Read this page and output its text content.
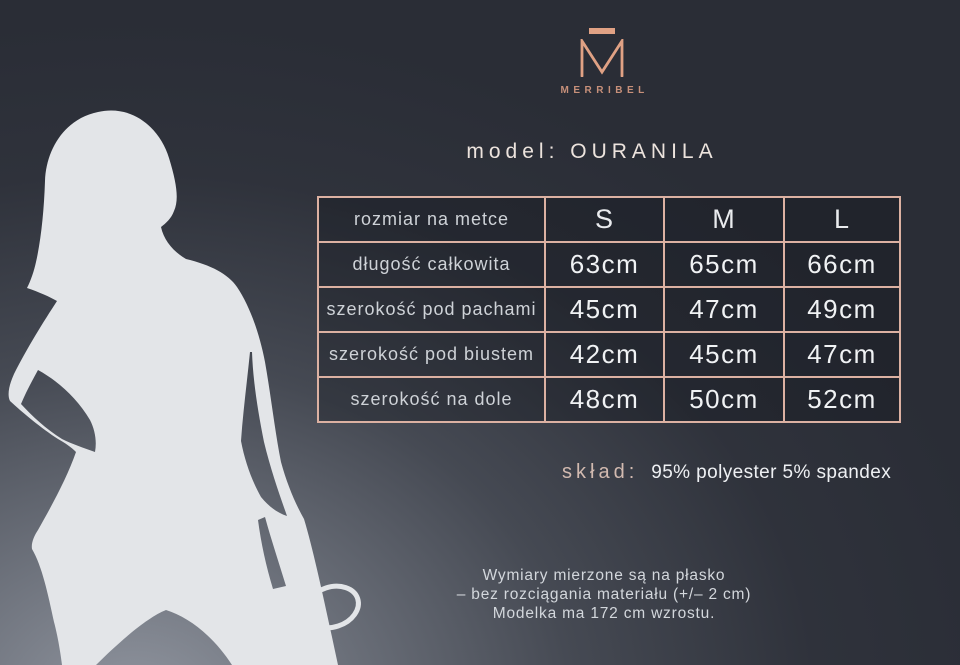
MERRIBEL
model: OURANILA
rozmiar na metce	S	M	L
długość całkowita	63cm	65cm	66cm
szerokość pod pachami	45cm	47cm	49cm
szerokość pod biustem	42cm	45cm	47cm
szerokość na dole	48cm	50cm	52cm
skład: 95% polyester 5% spandex
Wymiary mierzone są na płasko
– bez rozciągania materiału (+/– 2 cm)
Modelka ma 172 cm wzrostu.
